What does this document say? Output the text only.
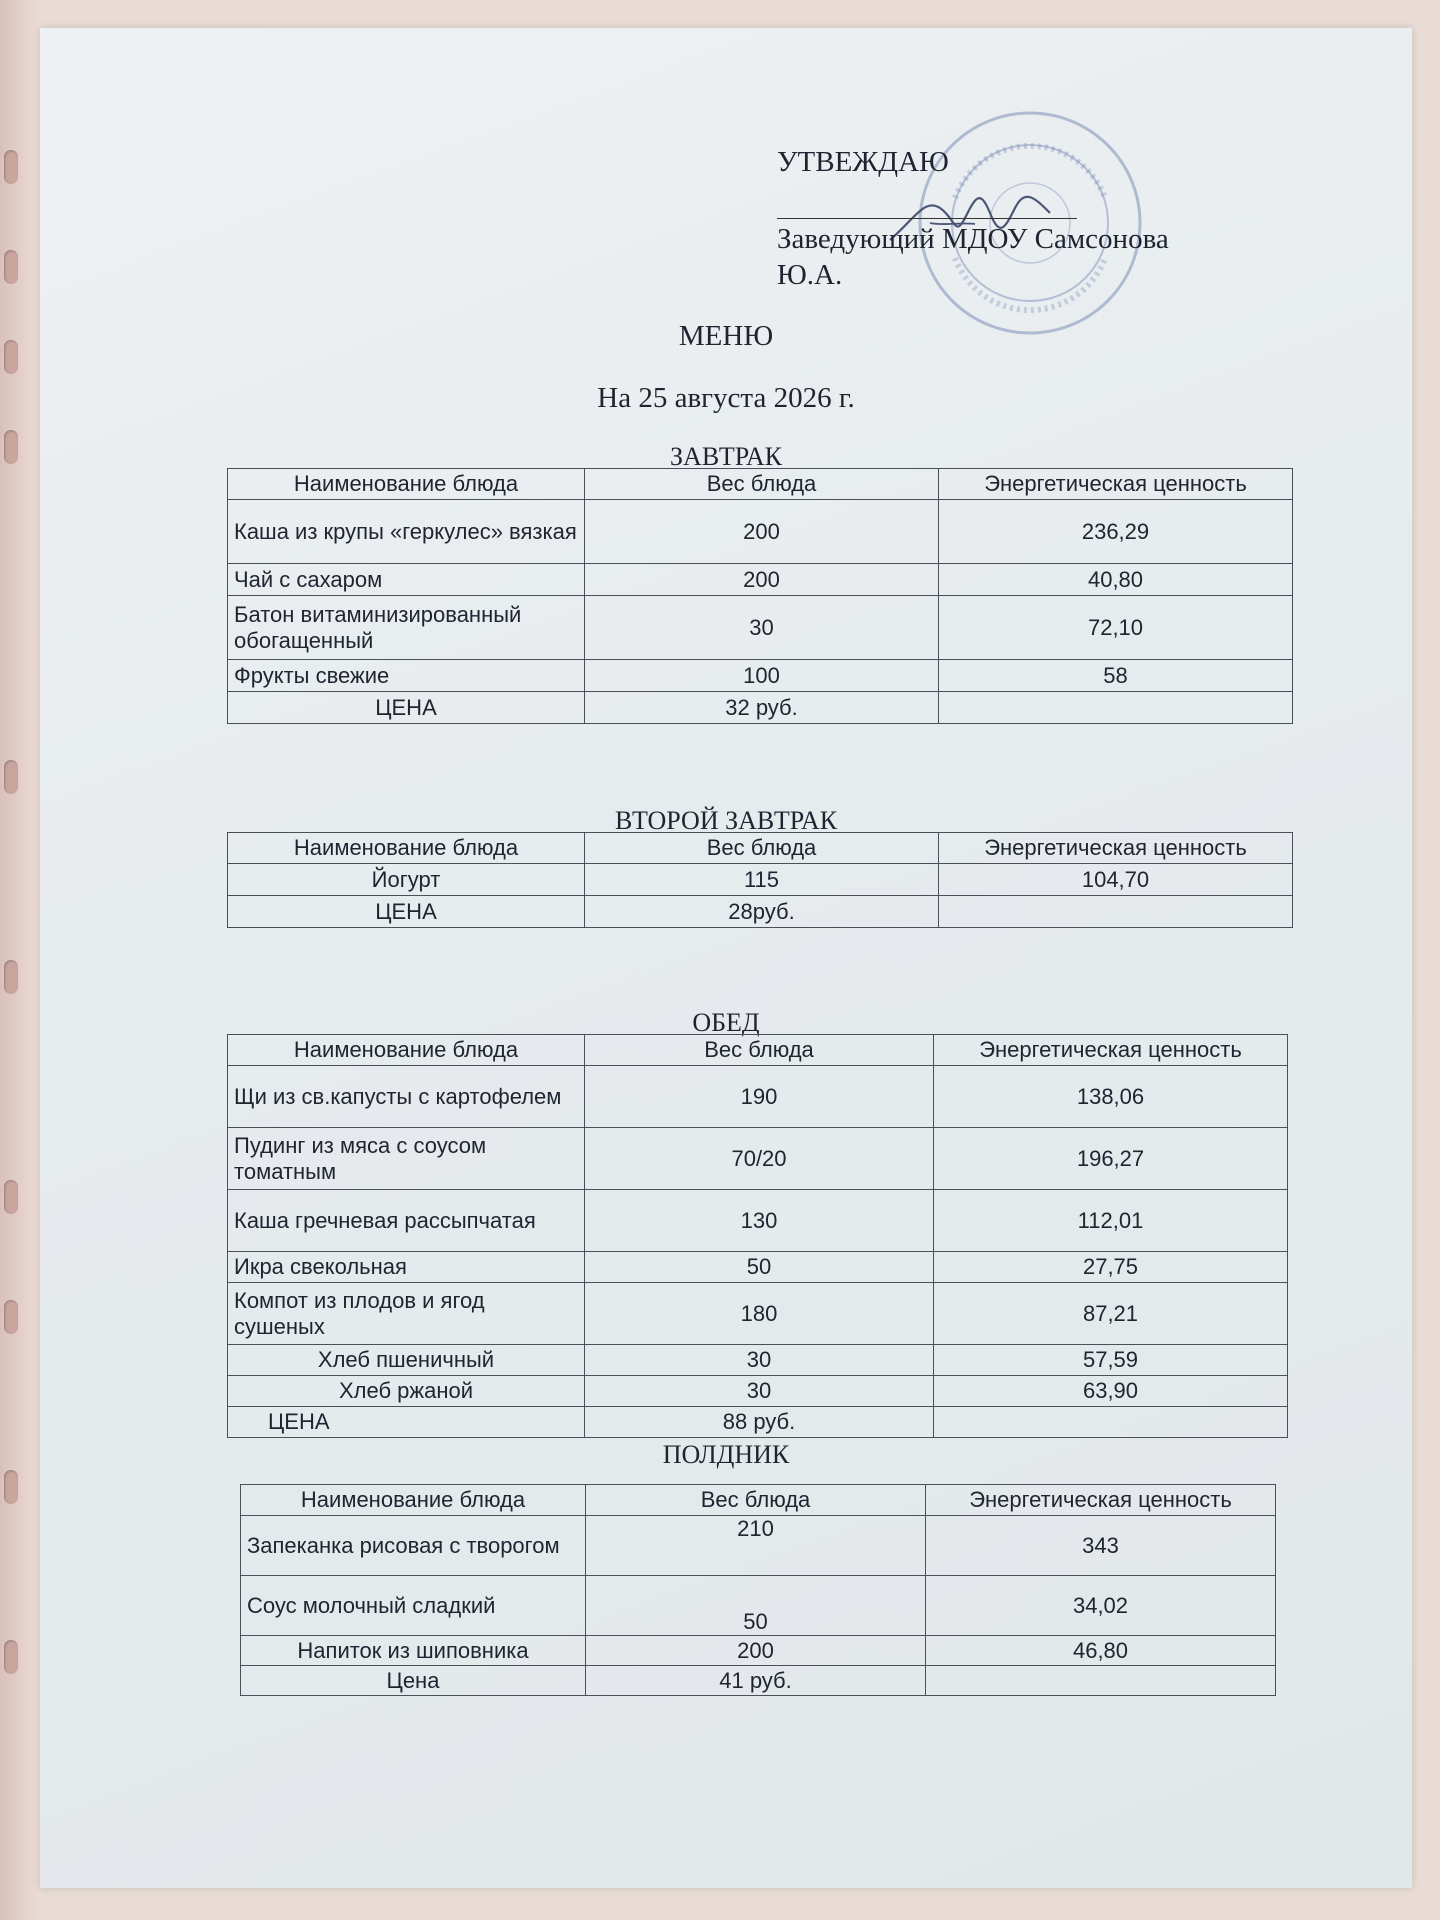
УТВЕЖДАЮ
Заведующий МДОУ Самсонова
Ю.А.
МЕНЮ
На 25 августа 2026 г.
ЗАВТРАК
Наименование блюда	Вес блюда	Энергетическая ценность
Каша из крупы «геркулес» вязкая	200	236,29
Чай с сахаром	200	40,80
Батон витаминизированный обогащенный	30	72,10
Фрукты свежие	100	58
ЦЕНА	32 руб.	
ВТОРОЙ ЗАВТРАК
Наименование блюда	Вес блюда	Энергетическая ценность
Йогурт	115	104,70
ЦЕНА	28руб.	
ОБЕД
Наименование блюда	Вес блюда	Энергетическая ценность
Щи из св.капусты с картофелем	190	138,06
Пудинг из мяса с соусом томатным	70/20	196,27
Каша гречневая рассыпчатая	130	112,01
Икра свекольная	50	27,75
Компот из плодов и ягод сушеных	180	87,21
Хлеб пшеничный	30	57,59
Хлеб ржаной	30	63,90
ЦЕНА	88 руб.	
ПОЛДНИК
Наименование блюда	Вес блюда	Энергетическая ценность
Запеканка рисовая с творогом	210	343
Соус молочный сладкий	50	34,02
Напиток из шиповника	200	46,80
Цена	41 руб.	
